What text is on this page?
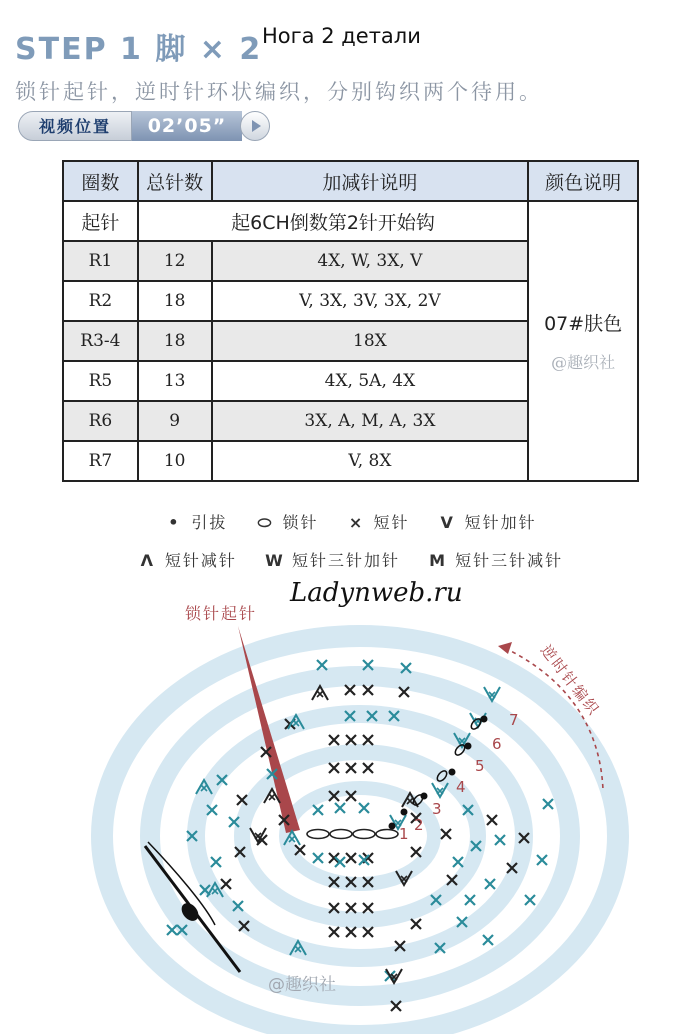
STEP 1 脚 × 2 Нога 2 детали
锁针起针，逆时针环状编织，分别钩织两个待用。
视频位置	02’05”
圈数	总针数	加减针说明	颜色说明
起针	起6CH倒数第2针开始钩		07#肤色
@趣织社

R1	12	4X, W, 3X, V	
R2	18	V, 3X, 3V, 3X, 2V	
R3-4	18	18X	
R5	13	4X, 5A, 4X	
R6	9	3X, A, M, A, 3X	
R7	10	V, 8X	
• 引拔 ⬭ 锁针 × 短针 V 短针加针
Λ 短针减针 W 短针三针加针 M 短针三针减针
逆时针编织
1 2
3
4
5
6
7
Ladynweb.ru
锁针起针
@趣织社
